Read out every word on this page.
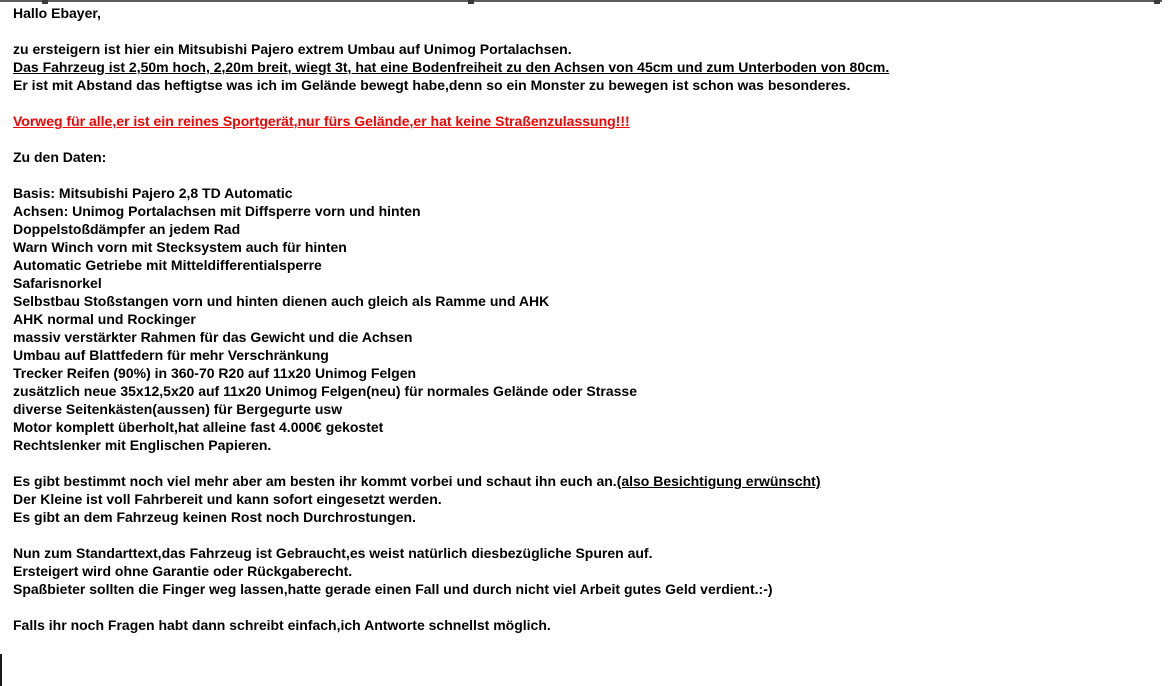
Hallo Ebayer,

zu ersteigern ist hier ein Mitsubishi Pajero extrem Umbau auf Unimog Portalachsen.
Das Fahrzeug ist 2,50m hoch, 2,20m breit, wiegt 3t, hat eine Bodenfreiheit zu den Achsen von 45cm und zum Unterboden von 80cm.
Er ist mit Abstand das heftigtse was ich im Gelände bewegt habe,denn so ein Monster zu bewegen ist schon was besonderes.

Vorweg für alle,er ist ein reines Sportgerät,nur fürs Gelände,er hat keine Straßenzulassung!!!

Zu den Daten:

Basis: Mitsubishi Pajero 2,8 TD Automatic
Achsen: Unimog Portalachsen mit Diffsperre vorn und hinten
Doppelstoßdämpfer an jedem Rad
Warn Winch vorn mit Stecksystem auch für hinten
Automatic Getriebe mit Mitteldifferentialsperre
Safarisnorkel
Selbstbau Stoßstangen vorn und hinten dienen auch gleich als Ramme und AHK
AHK normal und Rockinger
massiv verstärkter Rahmen für das Gewicht und die Achsen
Umbau auf Blattfedern für mehr Verschränkung
Trecker Reifen (90%) in 360-70 R20 auf 11x20 Unimog Felgen
zusätzlich neue 35x12,5x20 auf 11x20 Unimog Felgen(neu) für normales Gelände oder Strasse
diverse Seitenkästen(aussen) für Bergegurte usw
Motor komplett überholt,hat alleine fast 4.000€ gekostet
Rechtslenker mit Englischen Papieren.

Es gibt bestimmt noch viel mehr aber am besten ihr kommt vorbei und schaut ihn euch an.(also Besichtigung erwünscht)
Der Kleine ist voll Fahrbereit und kann sofort eingesetzt werden.
Es gibt an dem Fahrzeug keinen Rost noch Durchrostungen.

Nun zum Standarttext,das Fahrzeug ist Gebraucht,es weist natürlich diesbezügliche Spuren auf.
Ersteigert wird ohne Garantie oder Rückgaberecht.
Spaßbieter sollten die Finger weg lassen,hatte gerade einen Fall und durch nicht viel Arbeit gutes Geld verdient.:-)

Falls ihr noch Fragen habt dann schreibt einfach,ich Antworte schnellst möglich.
